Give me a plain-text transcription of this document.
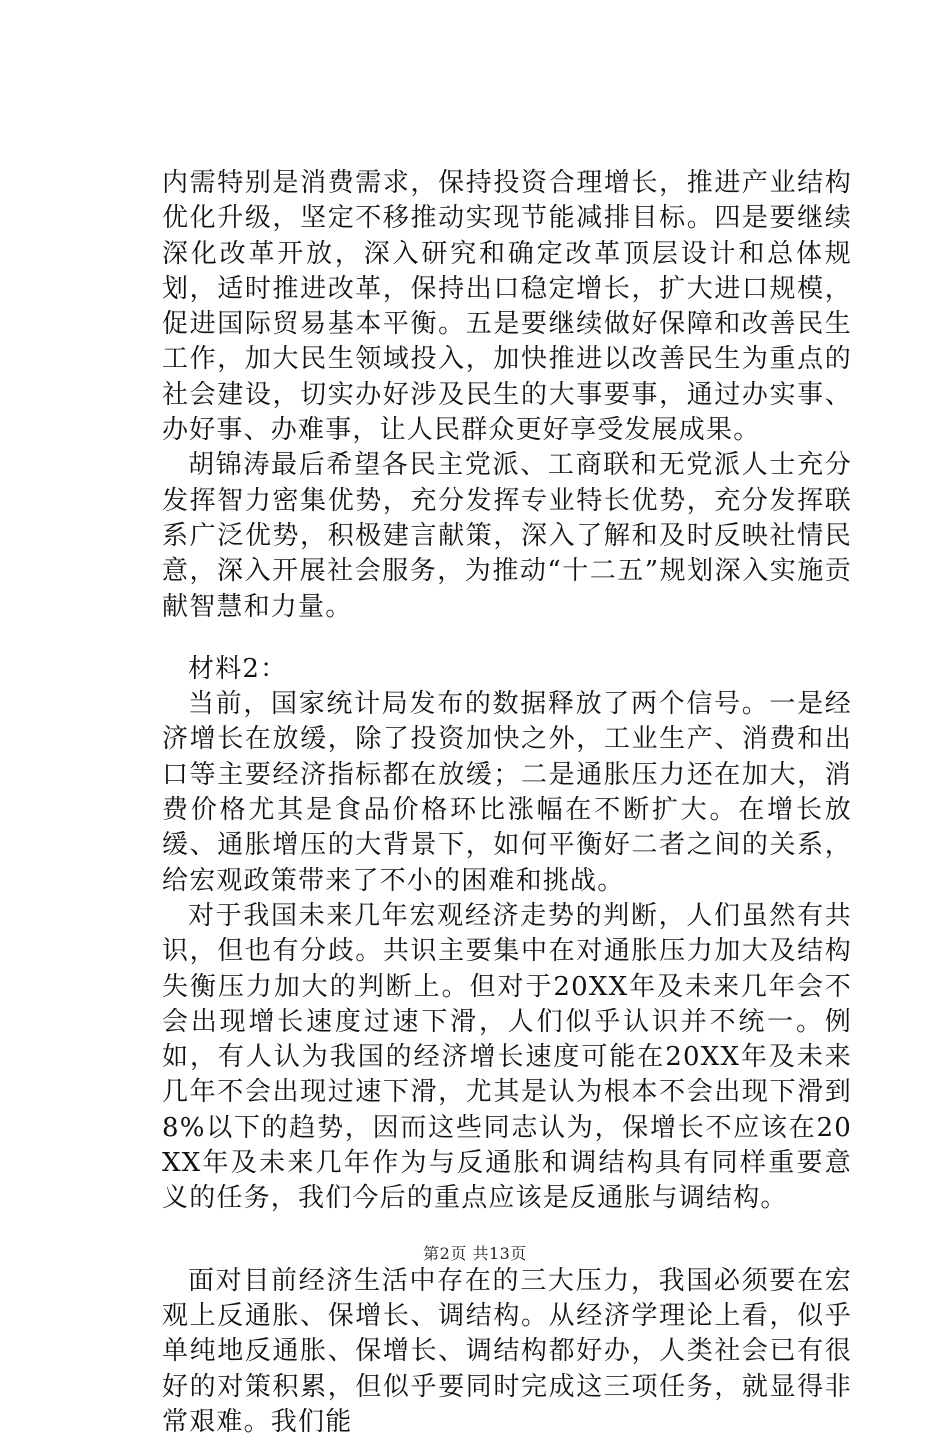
内需特别是消费需求，保持投资合理增长，推进产业结构优化升级，坚定不移推动实现节能减排目标。四是要继续深化改革开放，深入研究和确定改革顶层设计和总体规划，适时推进改革，保持出口稳定增长，扩大进口规模，促进国际贸易基本平衡。五是要继续做好保障和改善民生工作，加大民生领域投入，加快推进以改善民生为重点的社会建设，切实办好涉及民生的大事要事，通过办实事、办好事、办难事，让人民群众更好享受发展成果。

胡锦涛最后希望各民主党派、工商联和无党派人士充分发挥智力密集优势，充分发挥专业特长优势，充分发挥联系广泛优势，积极建言献策，深入了解和及时反映社情民意，深入开展社会服务，为推动“十二五”规划深入实施贡献智慧和力量。

材料2：

当前，国家统计局发布的数据释放了两个信号。一是经济增长在放缓，除了投资加快之外，工业生产、消费和出口等主要经济指标都在放缓；二是通胀压力还在加大，消费价格尤其是食品价格环比涨幅在不断扩大。在增长放缓、通胀增压的大背景下，如何平衡好二者之间的关系，给宏观政策带来了不小的困难和挑战。

对于我国未来几年宏观经济走势的判断，人们虽然有共识，但也有分歧。共识主要集中在对通胀压力加大及结构失衡压力加大的判断上。但对于20XX年及未来几年会不会出现增长速度过速下滑，人们似乎认识并不统一。例如，有人认为我国的经济增长速度可能在20XX年及未来几年不会出现过速下滑，尤其是认为根本不会出现下滑到8%以下的趋势，因而这些同志认为，保增长不应该在20XX年及未来几年作为与反通胀和调结构具有同样重要意义的任务，我们今后的重点应该是反通胀与调结构。

面对目前经济生活中存在的三大压力，我国必须要在宏观上反通胀、保增长、调结构。从经济学理论上看，似乎单纯地反通胀、保增长、调结构都好办，人类社会已有很好的对策积累，但似乎要同时完成这三项任务，就显得非常艰难。我们能

第2页 共13页
